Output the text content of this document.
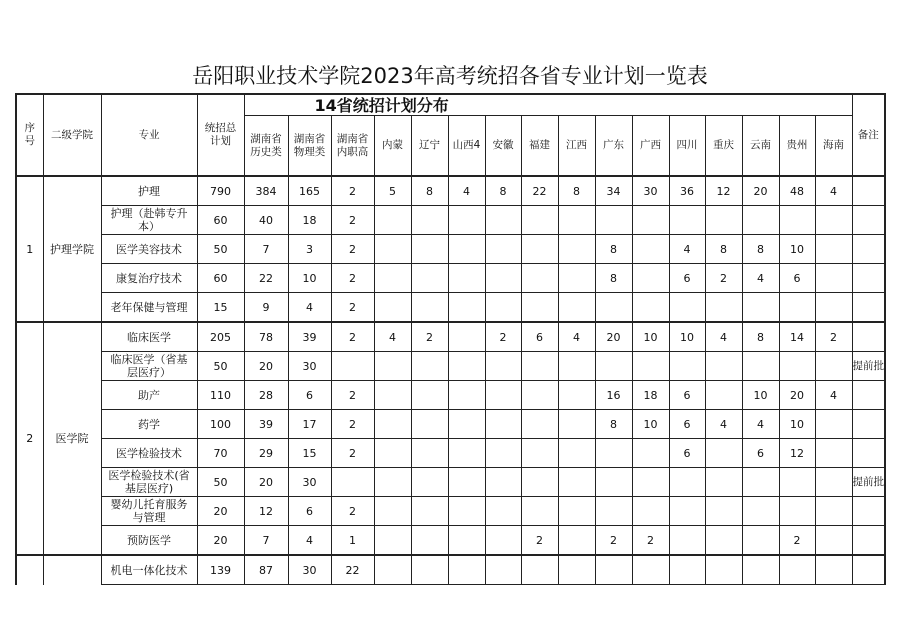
岳阳职业技术学院2023年高考统招各省专业计划一览表
序号	二级学院	专业	统招总计划	14省统招计划分布																备注
				湖南省历史类	湖南省物理类	湖南省内职高	内蒙	辽宁	山西4	安徽	福建	江西	广东	广西	四川	重庆	云南	贵州	海南	
1	护理学院	护理	790	384	165	2	5	8	4	8	22	8	34	30	36	12	20	48	4	
		护理（赴韩专升本）	60	40	18	2														
		医学美容技术	50	7	3	2							8		4	8	8	10		
		康复治疗技术	60	22	10	2							8		6	2	4	6		
		老年保健与管理	15	9	4	2														
2	医学院	临床医学	205	78	39	2	4	2		2	6	4	20	10	10	4	8	14	2	
		临床医学（省基层医疗）	50	20	30															提前批
		助产	110	28	6	2							16	18	6		10	20	4	
		药学	100	39	17	2							8	10	6	4	4	10		
		医学检验技术	70	29	15	2									6		6	12		
		医学检验技术(省基层医疗)	50	20	30															提前批
		婴幼儿托育服务与管理	20	12	6	2														
		预防医学	20	7	4	1					2		2	2				2		
		机电一体化技术	139	87	30	22														
